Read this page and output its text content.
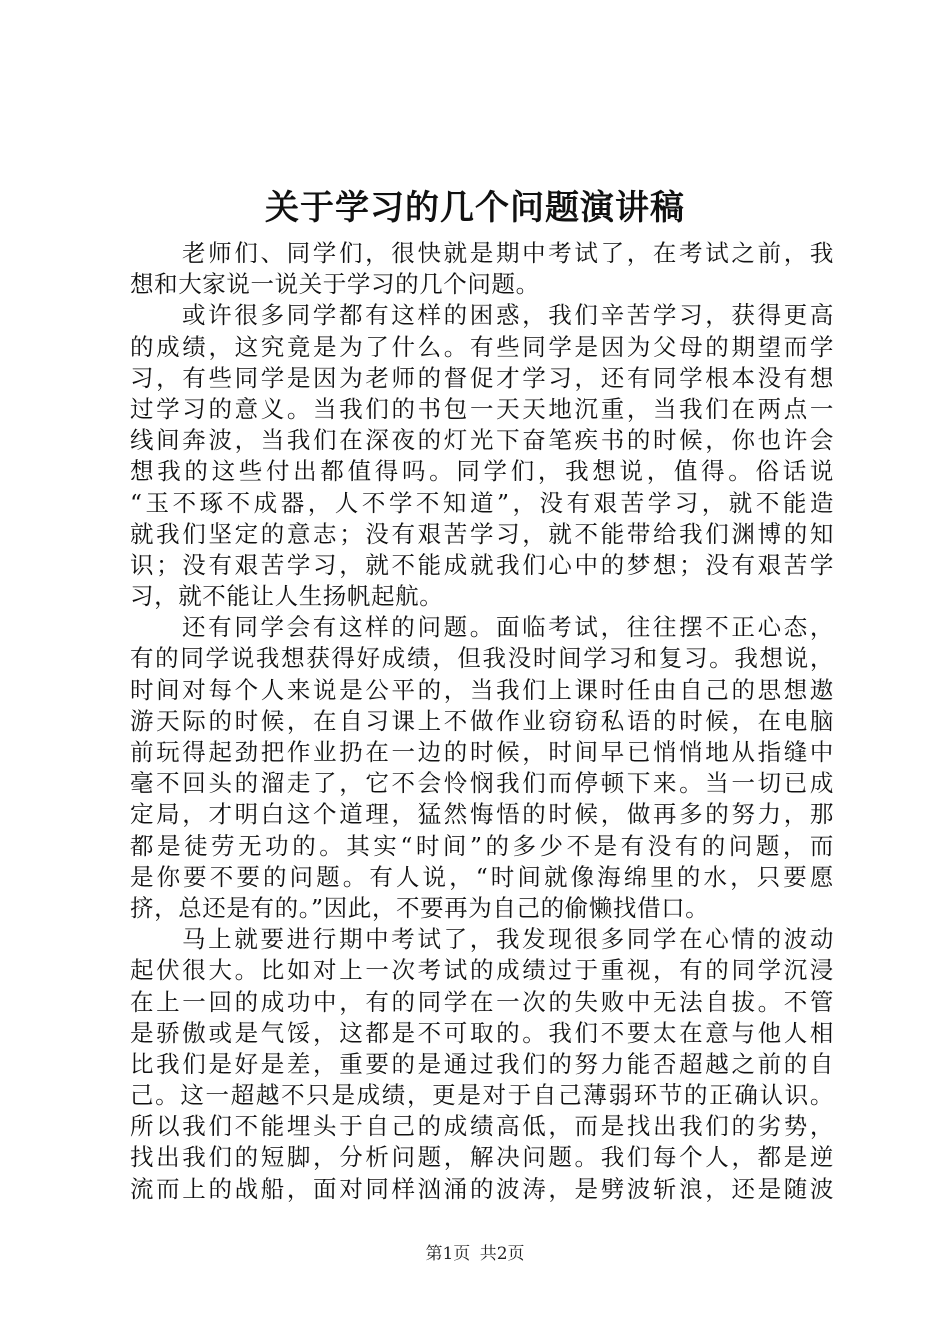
关于学习的几个问题演讲稿
老师们、同学们，很快就是期中考试了，在考试之前，我
想和大家说一说关于学习的几个问题。
或许很多同学都有这样的困惑，我们辛苦学习，获得更高
的成绩，这究竟是为了什么。有些同学是因为父母的期望而学
习，有些同学是因为老师的督促才学习，还有同学根本没有想
过学习的意义。当我们的书包一天天地沉重，当我们在两点一
线间奔波，当我们在深夜的灯光下奋笔疾书的时候，你也许会
想我的这些付出都值得吗。同学们，我想说，值得。俗话说
“玉不琢不成器，人不学不知道”，没有艰苦学习，就不能造
就我们坚定的意志；没有艰苦学习，就不能带给我们渊博的知
识；没有艰苦学习，就不能成就我们心中的梦想；没有艰苦学
习，就不能让人生扬帆起航。
还有同学会有这样的问题。面临考试，往往摆不正心态，
有的同学说我想获得好成绩，但我没时间学习和复习。我想说，
时间对每个人来说是公平的，当我们上课时任由自己的思想遨
游天际的时候，在自习课上不做作业窃窃私语的时候，在电脑
前玩得起劲把作业扔在一边的时候，时间早已悄悄地从指缝中
毫不回头的溜走了，它不会怜悯我们而停顿下来。当一切已成
定局，才明白这个道理，猛然悔悟的时候，做再多的努力，那
都是徒劳无功的。其实“时间”的多少不是有没有的问题，而
是你要不要的问题。有人说，“时间就像海绵里的水，只要愿
挤，总还是有的。”因此，不要再为自己的偷懒找借口。
马上就要进行期中考试了，我发现很多同学在心情的波动
起伏很大。比如对上一次考试的成绩过于重视，有的同学沉浸
在上一回的成功中，有的同学在一次的失败中无法自拔。不管
是骄傲或是气馁，这都是不可取的。我们不要太在意与他人相
比我们是好是差，重要的是通过我们的努力能否超越之前的自
己。这一超越不只是成绩，更是对于自己薄弱环节的正确认识。
所以我们不能埋头于自己的成绩高低，而是找出我们的劣势，
找出我们的短脚，分析问题，解决问题。我们每个人，都是逆
流而上的战船，面对同样汹涌的波涛，是劈波斩浪，还是随波
第1页 共2页
